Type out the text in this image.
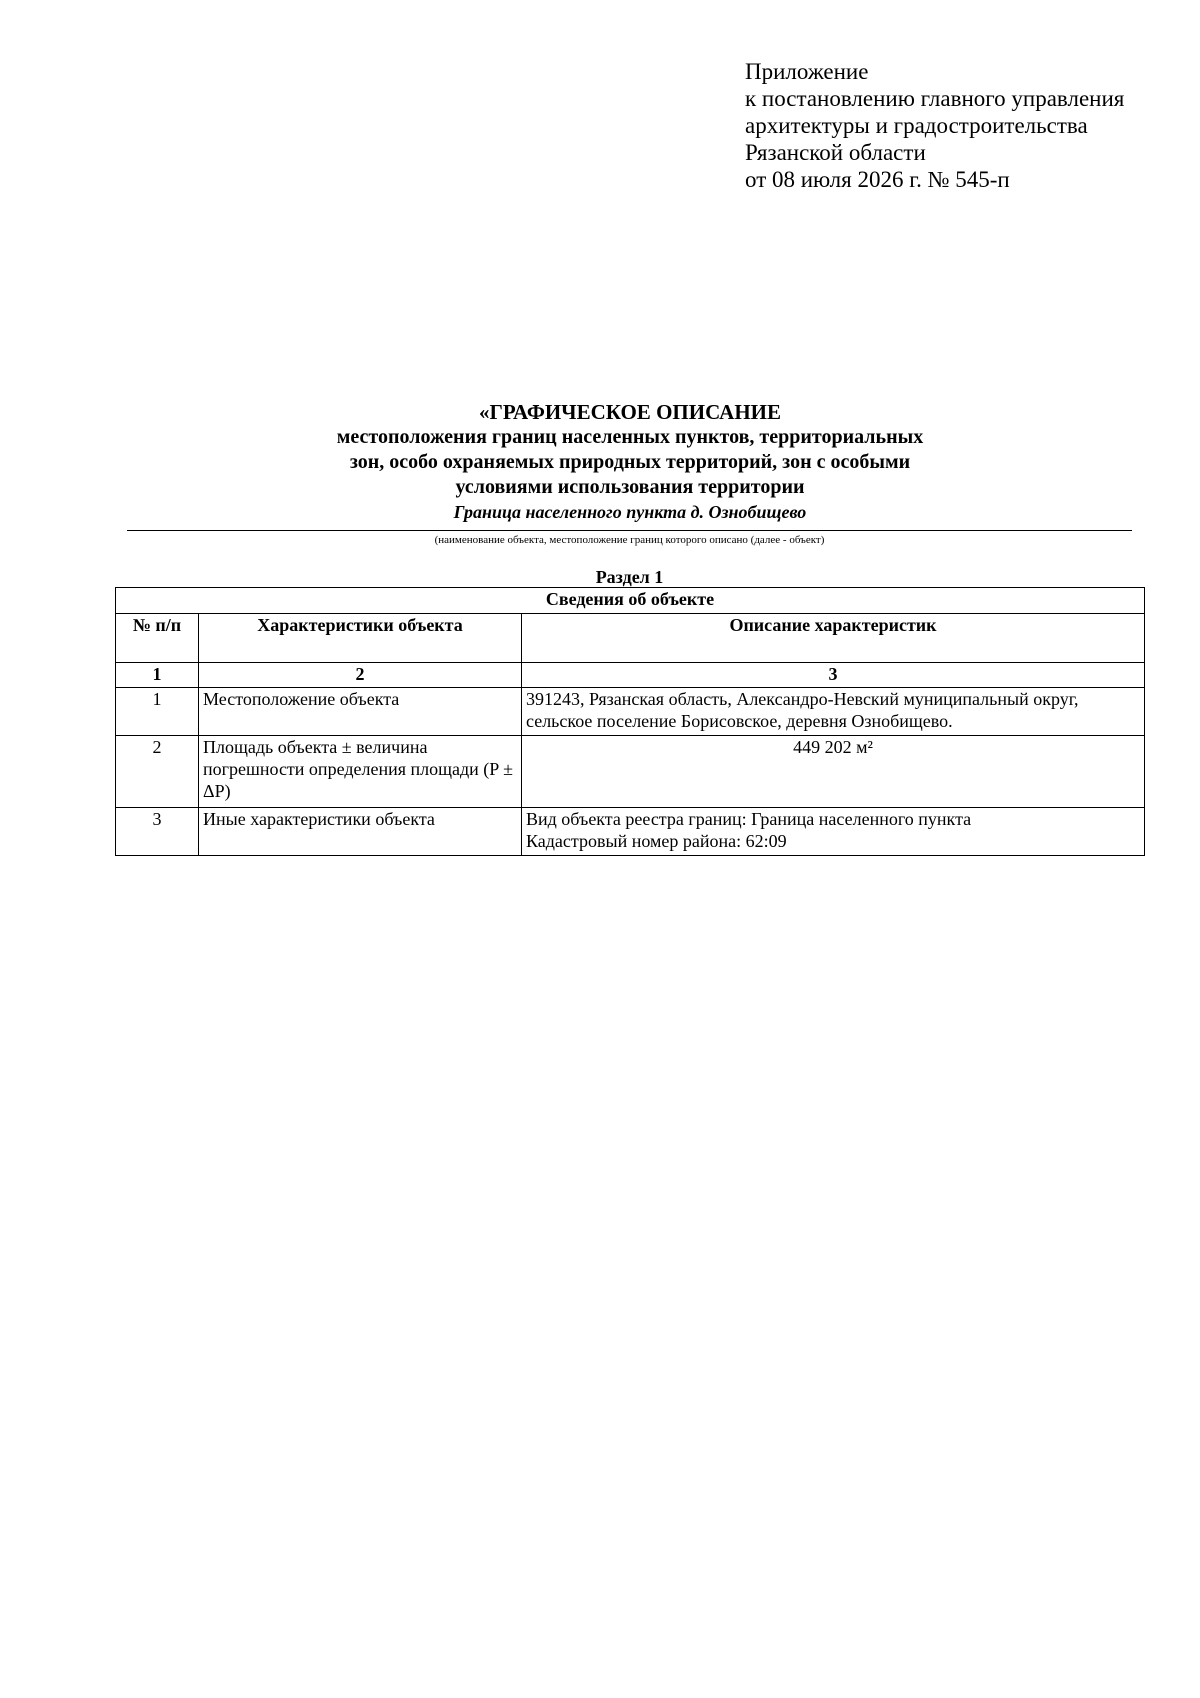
Приложение
к постановлению главного управления
архитектуры и градостроительства
Рязанской области
от 08 июля 2026 г. № 545-п
«ГРАФИЧЕСКОЕ ОПИСАНИЕ
местоположения границ населенных пунктов, территориальных
зон, особо охраняемых природных территорий, зон с особыми
условиями использования территории
Граница населенного пункта д. Ознобищево
(наименование объекта, местоположение границ которого описано (далее - объект)
Раздел 1
Сведения об объекте		
№ п/п	Характеристики объекта	Описание характеристик
1	2	3
1	Местоположение объекта	391243, Рязанская область, Александро-Невский муниципальный округ, сельское поселение Борисовское, деревня Ознобищево.
2	Площадь объекта ± величина погрешности определения площади (P ± ΔP)	449 202 м²
3	Иные характеристики объекта	Вид объекта реестра границ: Граница населенного пункта
Кадастровый номер района: 62:09
